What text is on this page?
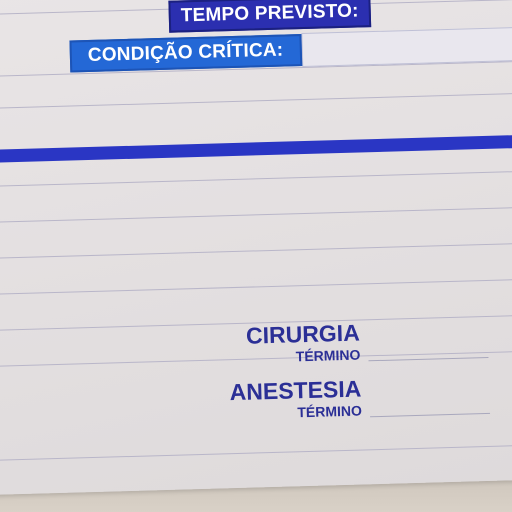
TEMPO PREVISTO:
CONDIÇÃO CRÍTICA:
CIRURGIA
TÉRMINO
ANESTESIA
TÉRMINO
